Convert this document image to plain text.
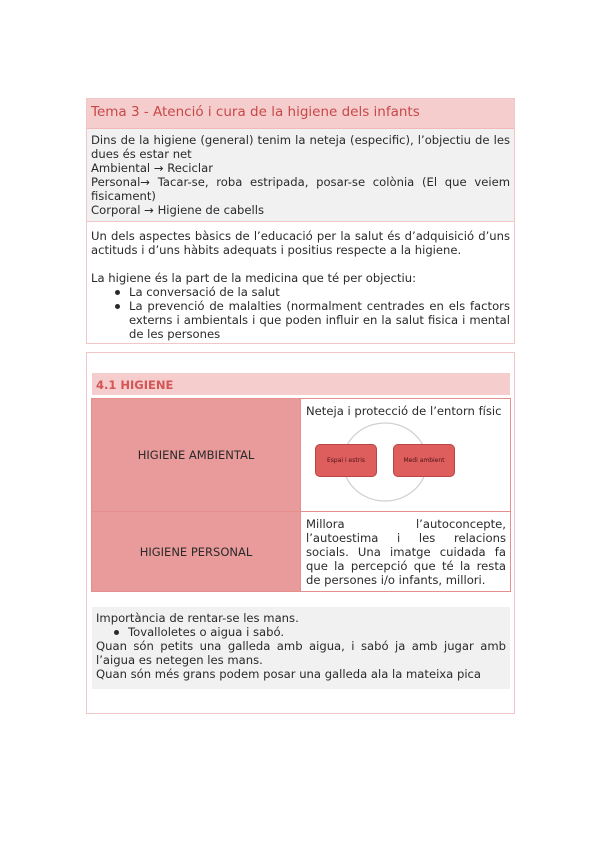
Tema 3 - Atenció i cura de la higiene dels infants

Dins de la higiene (general) tenim la neteja (especific), l’objectiu de les dues és estar net

Ambiental → Reciclar

Personal→ Tacar-se, roba estripada, posar-se colònia (El que veiem fisicament)

Corporal → Higiene de cabells

Un dels aspectes bàsics de l’educació per la salut és d’adquisició d’uns actituds i d’uns hàbits adequats i positius respecte a la higiene.

La higiene és la part de la medicina que té per objectiu:

La conversació de la salut
La prevenció de malalties (normalment centrades en els factors externs i ambientals i que poden influir en la salut fisica i mental de les persones
4.1 HIGIENE
HIGIENE AMBIENTAL

Neteja i protecció de l’entorn físic

Espai i estris	Medi ambient
HIGIENE PERSONAL
Millora l’autoconcepte, l’autoestima i les relacions socials. Una imatge cuidada fa que la percepció que té la resta de persones i/o infants, millori.

Importància de rentar-se les mans.

Tovalloletes o aigua i sabó.

Quan són petits una galleda amb aigua, i sabó ja amb jugar amb l’aigua es netegen les mans.

Quan són més grans podem posar una galleda ala la mateixa pica
